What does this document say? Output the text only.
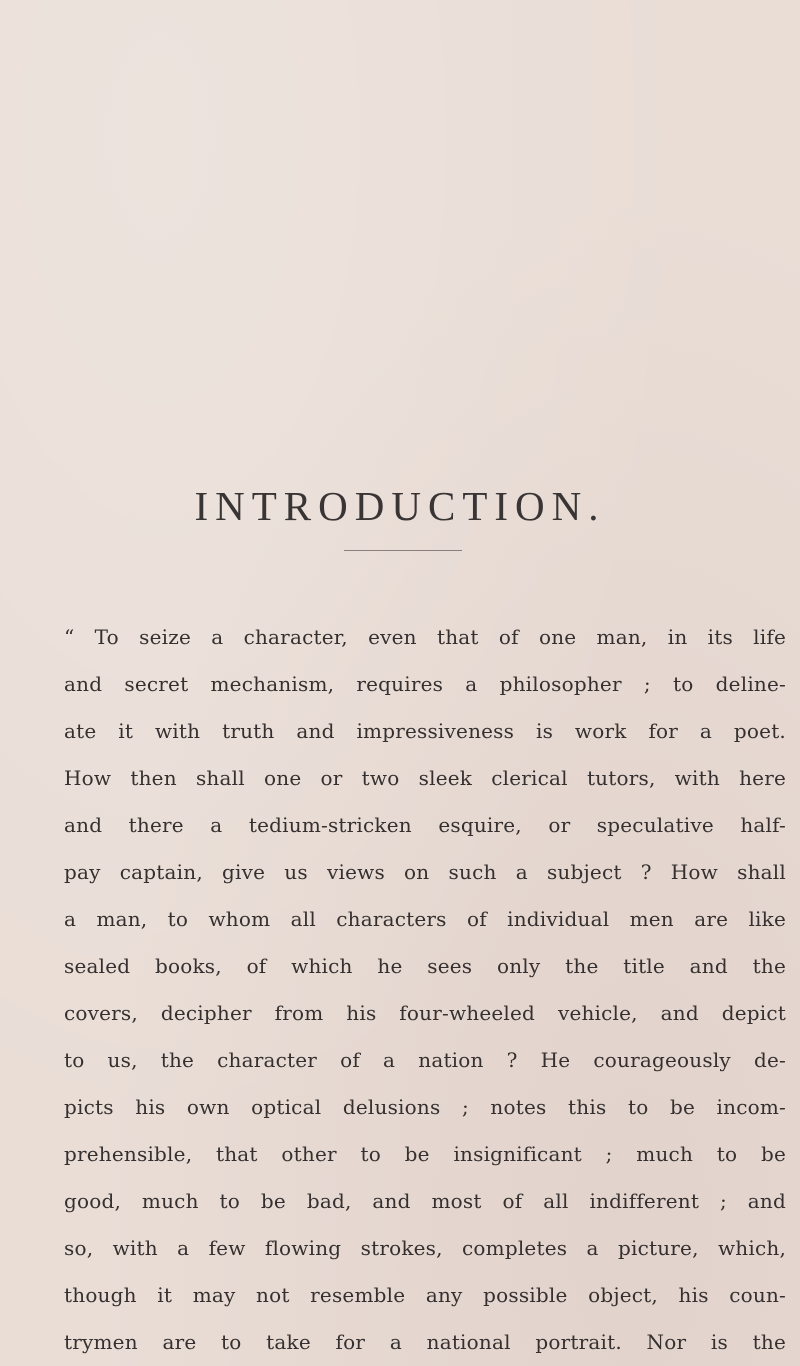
INTRODUCTION.
“ To seize a character, even that of one man, in its life
and secret mechanism, requires a philosopher ; to deline-
ate it with truth and impressiveness is work for a poet.
How then shall one or two sleek clerical tutors, with here
and there a tedium-stricken esquire, or speculative half-
pay captain, give us views on such a subject ? How shall
a man, to whom all characters of individual men are like
sealed books, of which he sees only the title and the
covers, decipher from his four-wheeled vehicle, and depict
to us, the character of a nation ? He courageously de-
picts his own optical delusions ; notes this to be incom-
prehensible, that other to be insignificant ; much to be
good, much to be bad, and most of all indifferent ; and
so, with a few flowing strokes, completes a picture, which,
though it may not resemble any possible object, his coun-
trymen are to take for a national portrait. Nor is the
